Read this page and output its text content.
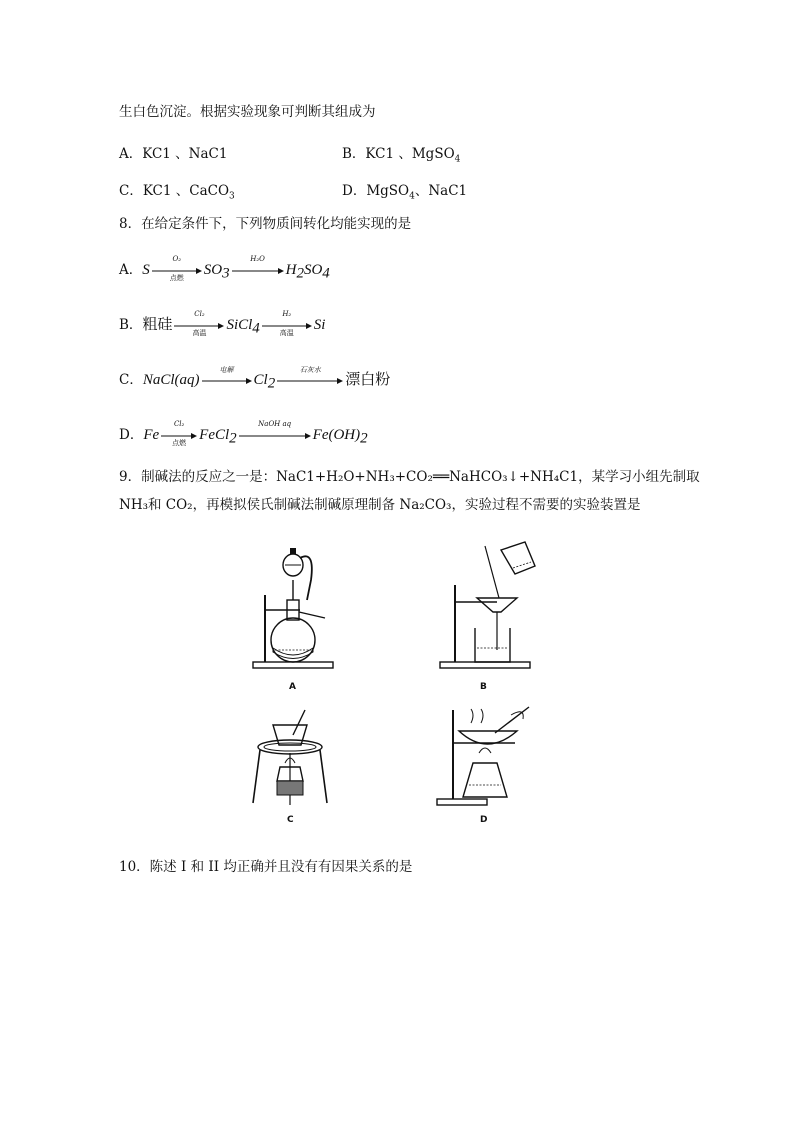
生白色沉淀。根据实验现象可判断其组成为
A．KC1 、NaC1	B．KC1 、MgSO$_4$
C．KC1 、CaCO$_3$	D．MgSO$_4$、NaC1
8．在给定条件下，下列物质间转化均能实现的是
A．S
O₂
点燃	$SO_3$
H₂O
$H_2SO_4$
B．粗硅
Cl₂
高温	SiCl$_4$
H₂
高温	Si
C．NaCl(aq)
电解
$Cl_2$
石灰水
漂白粉
D．Fe
Cl₂
点燃 FeCl$_2$
NaOH aq
$Fe(OH)_2$
9．制碱法的反应之一是：NaC1+H₂O+NH₃+CO₂══NaHCO₃↓+NH₄C1，某学习小组先制取
NH₃和 CO₂，再模拟侯氏制碱法制碱原理制备 Na₂CO₃，实验过程不需要的实验装置是
A	B
C	D
10．陈述 I 和 II 均正确并且没有有因果关系的是
